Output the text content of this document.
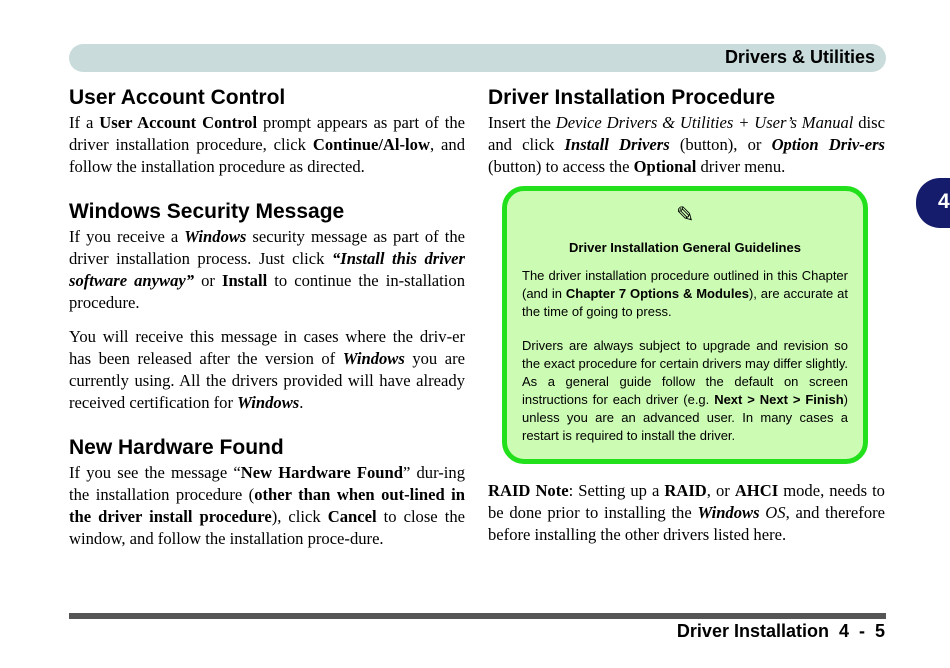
Drivers & Utilities
4
User Account Control

If a User Account Control prompt appears as part of the driver installation procedure, click Continue/Al-low, and follow the installation procedure as directed.

Windows Security Message

If you receive a Windows security message as part of the driver installation process. Just click “Install this driver software anyway” or Install to continue the in-stallation procedure.

You will receive this message in cases where the driv-er has been released after the version of Windows you are currently using. All the drivers provided will have already received certification for Windows.

New Hardware Found

If you see the message “New Hardware Found” dur-ing the installation procedure (other than when out-lined in the driver install procedure), click Cancel to close the window, and follow the installation proce-dure.

Driver Installation Procedure

Insert the Device Drivers & Utilities + User’s Manual disc and click Install Drivers (button), or Option Driv-ers (button) to access the Optional driver menu.

✎
Driver Installation General Guidelines

The driver installation procedure outlined in this Chapter (and in Chapter 7 Options & Modules), are accurate at the time of going to press.

Drivers are always subject to upgrade and revision so the exact procedure for certain drivers may differ slightly. As a general guide follow the default on screen instructions for each driver (e.g. Next > Next > Finish) unless you are an advanced user. In many cases a restart is required to install the driver.

RAID Note: Setting up a RAID, or AHCI mode, needs to be done prior to installing the Windows OS, and therefore before installing the other drivers listed here.

Driver Installation  4  -  5
